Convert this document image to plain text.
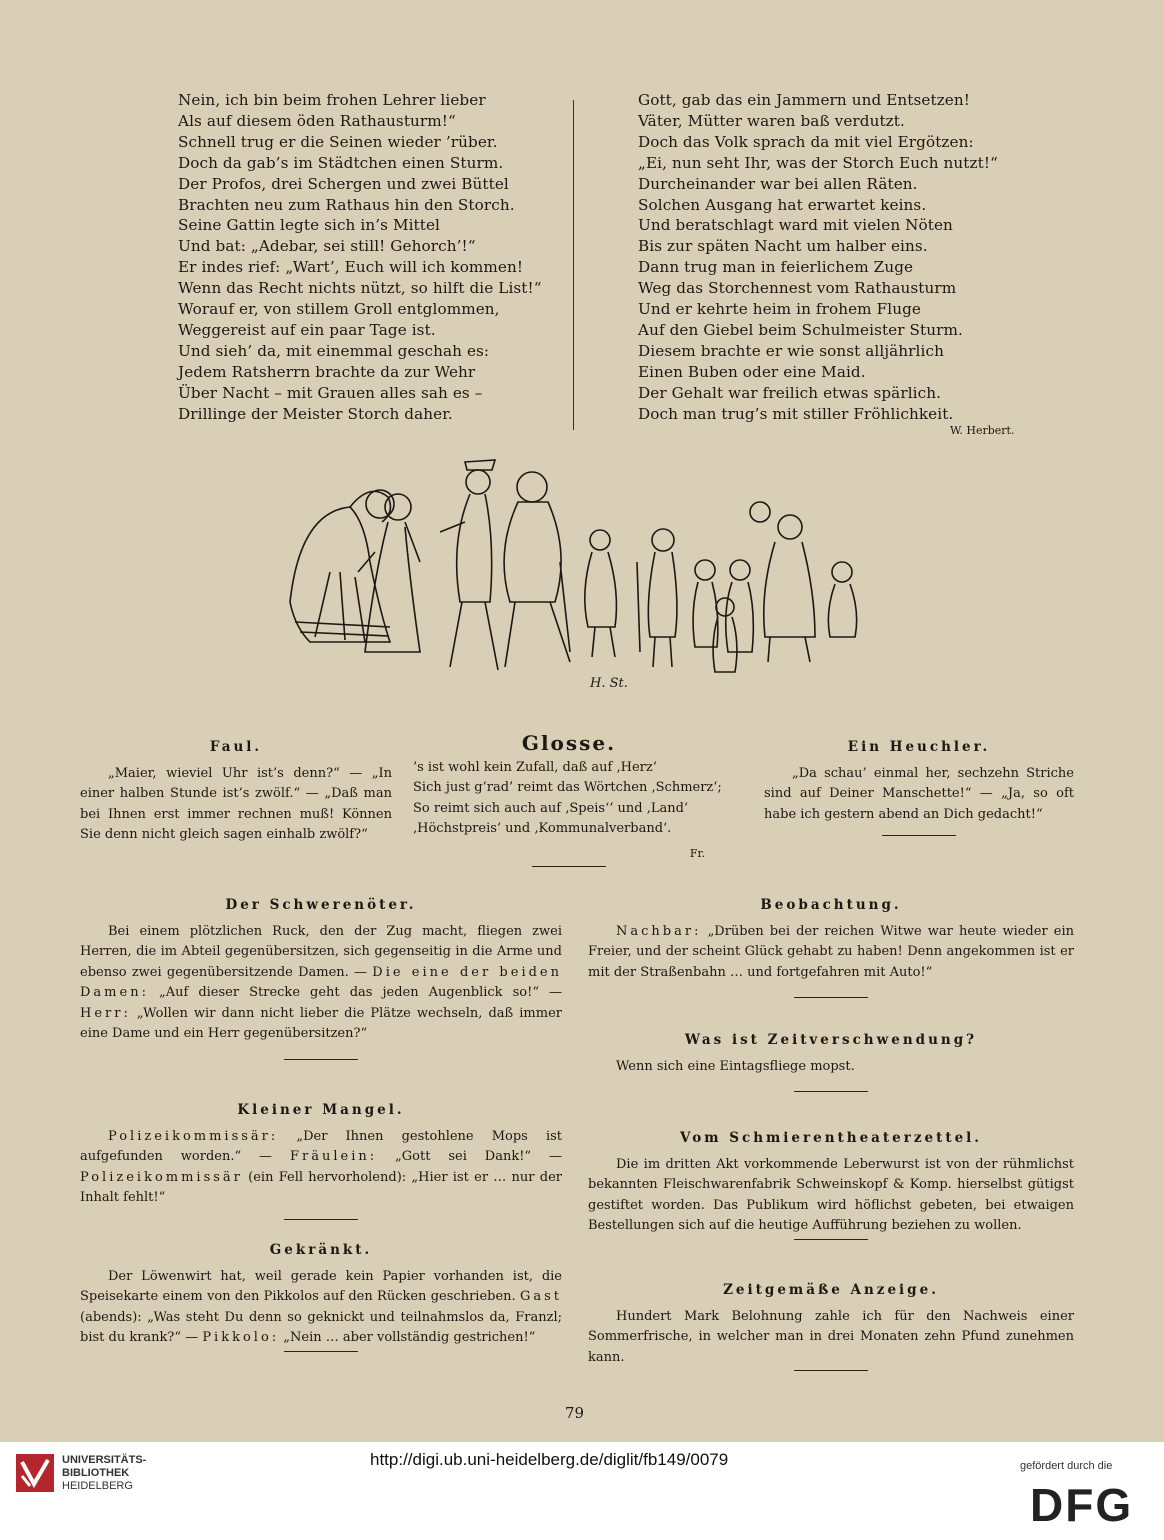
Nein, ich bin beim frohen Lehrer lieber
Als auf diesem öden Rathausturm!“
Schnell trug er die Seinen wieder ’rüber.
Doch da gab’s im Städtchen einen Sturm.
Der Profos, drei Schergen und zwei Büttel
Brachten neu zum Rathaus hin den Storch.
Seine Gattin legte sich in’s Mittel
Und bat: „Adebar, sei still! Gehorch’!“
Er indes rief: „Wart’, Euch will ich kommen!
Wenn das Recht nichts nützt, so hilft die List!“
Worauf er, von stillem Groll entglommen,
Weggereist auf ein paar Tage ist.
Und sieh’ da, mit einemmal geschah es:
Jedem Ratsherrn brachte da zur Wehr
Über Nacht – mit Grauen alles sah es –
Drillinge der Meister Storch daher.
Gott, gab das ein Jammern und Entsetzen!
Väter, Mütter waren baß verdutzt.
Doch das Volk sprach da mit viel Ergötzen:
„Ei, nun seht Ihr, was der Storch Euch nutzt!“
Durcheinander war bei allen Räten.
Solchen Ausgang hat erwartet keins.
Und beratschlagt ward mit vielen Nöten
Bis zur späten Nacht um halber eins.
Dann trug man in feierlichem Zuge
Weg das Storchennest vom Rathausturm
Und er kehrte heim in frohem Fluge
Auf den Giebel beim Schulmeister Sturm.
Diesem brachte er wie sonst alljährlich
Einen Buben oder eine Maid.
Der Gehalt war freilich etwas spärlich.
Doch man trug’s mit stiller Fröhlichkeit.
W. Herbert.
H. St.
Faul.

„Maier, wieviel Uhr ist’s denn?“ — „In einer halben Stunde ist’s zwölf.“ — „Daß man bei Ihnen erst immer rechnen muß! Können Sie denn nicht gleich sagen einhalb zwölf?“

Glosse.
’s ist wohl kein Zufall, daß auf ‚Herz‘
Sich just g’rad’ reimt das Wörtchen ‚Schmerz‘;
So reimt sich auch auf ‚Speis‘‘ und ‚Land‘
‚Höchstpreis‘ und ‚Kommunalverband‘.
Fr.
Ein Heuchler.

„Da schau’ einmal her, sechzehn Striche sind auf Deiner Manschette!“ — „Ja, so oft habe ich gestern abend an Dich gedacht!“

Der Schwerenöter.

Bei einem plötzlichen Ruck, den der Zug macht, fliegen zwei Herren, die im Abteil gegenübersitzen, sich gegenseitig in die Arme und ebenso zwei gegenübersitzende Damen. — Die eine der beiden Damen: „Auf dieser Strecke geht das jeden Augenblick so!“ — Herr: „Wollen wir dann nicht lieber die Plätze wechseln, daß immer eine Dame und ein Herr gegenübersitzen?“

Kleiner Mangel.

Polizeikommissär: „Der Ihnen gestohlene Mops ist aufgefunden worden.“ — Fräulein: „Gott sei Dank!“ — Polizeikommissär (ein Fell hervorholend): „Hier ist er … nur der Inhalt fehlt!“

Gekränkt.

Der Löwenwirt hat, weil gerade kein Papier vorhanden ist, die Speisekarte einem von den Pikkolos auf den Rücken geschrieben. Gast (abends): „Was steht Du denn so geknickt und teilnahmslos da, Franzl; bist du krank?“ — Pikkolo: „Nein … aber vollständig gestrichen!“

Beobachtung.

Nachbar: „Drüben bei der reichen Witwe war heute wieder ein Freier, und der scheint Glück gehabt zu haben! Denn angekommen ist er mit der Straßenbahn … und fortgefahren mit Auto!“

Was ist Zeitverschwendung?

Wenn sich eine Eintagsfliege mopst.

Vom Schmierentheaterzettel.

Die im dritten Akt vorkommende Leberwurst ist von der rühmlichst bekannten Fleischwarenfabrik Schweinskopf & Komp. hierselbst gütigst gestiftet worden. Das Publikum wird höflichst gebeten, bei etwaigen Bestellungen sich auf die heutige Aufführung beziehen zu wollen.

Zeitgemäße Anzeige.

Hundert Mark Belohnung zahle ich für den Nachweis einer Sommerfrische, in welcher man in drei Monaten zehn Pfund zunehmen kann.

79
UNIVERSITÄTS-
BIBLIOTHEK
HEIDELBERG
http://digi.ub.uni-heidelberg.de/diglit/fb149/0079	gefördert durch die
DFG
